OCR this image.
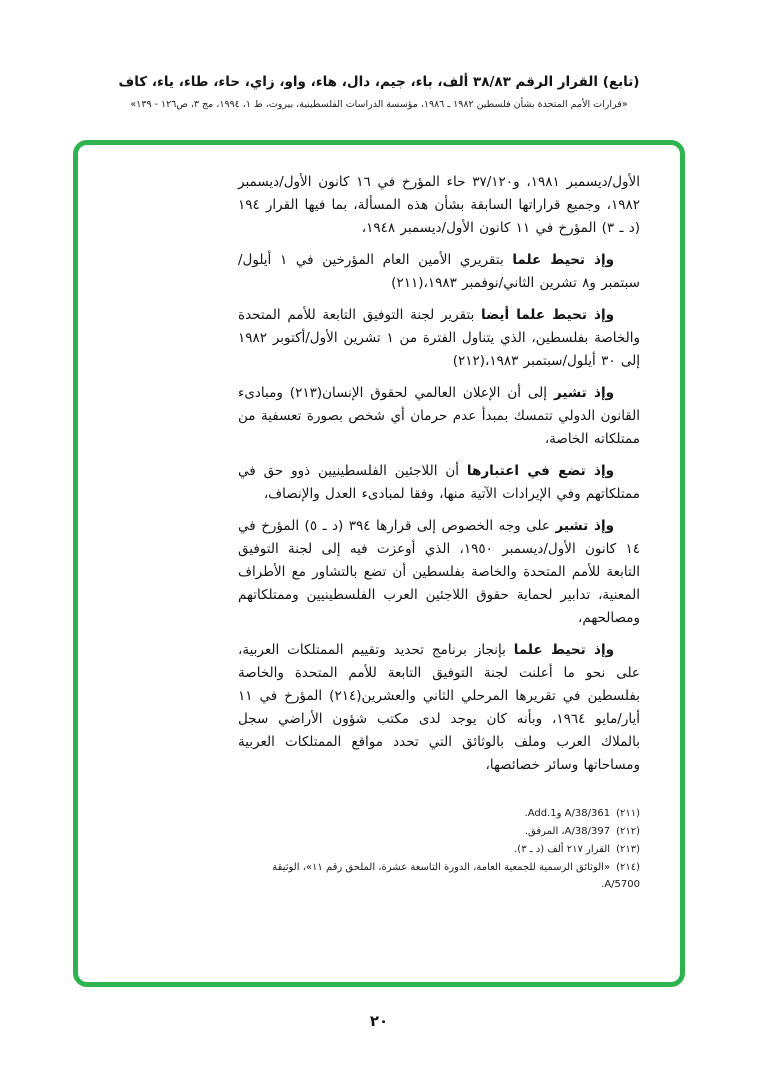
(تابع) القرار الرقم ٣٨/٨٣ ألف، باء، جيم، دال، هاء، واو، زاي، حاء، طاء، ياء، كاف
«قرارات الأمم المتحدة بشأن فلسطين ١٩٨٢ ـ ١٩٨٦، مؤسسة الدراسات الفلسطينية، بيروت، ط ١، ١٩٩٤، مج ٣، ص١٢٦ - ١٣٩»

الأول/ديسمبر ١٩٨١، و٣٧/١٢٠ حاء المؤرخ في ١٦ كانون الأول/ديسمبر ١٩٨٢، وجميع قراراتها السابقة بشأن هذه المسألة، بما فيها القرار ١٩٤ (د ـ ٣) المؤرخ في ١١ كانون الأول/ديسمبر ١٩٤٨،

وإذ تحيط علما بتقريري الأمين العام المؤرخين في ١ أيلول/سبتمبر و٨ تشرين الثاني/نوفمبر ١٩٨٣،(٢١١)

وإذ تحيط علما أيضا بتقرير لجنة التوفيق التابعة للأمم المتحدة والخاصة بفلسطين، الذي يتناول الفترة من ١ تشرين الأول/أكتوبر ١٩٨٢ إلى ٣٠ أيلول/سبتمبر ١٩٨٣،(٢١٢)

وإذ تشير إلى أن الإعلان العالمي لحقوق الإنسان(٢١٣) ومبادىء القانون الدولي تتمسك بمبدأ عدم حرمان أي شخص بصورة تعسفية من ممتلكاته الخاصة،

وإذ تضع في اعتبارها أن اللاجئين الفلسطينيين ذوو حق في ممتلكاتهم وفي الإيرادات الآتية منها، وفقا لمبادىء العدل والإنصاف،

وإذ تشير على وجه الخصوص إلى قرارها ٣٩٤ (د ـ ٥) المؤرخ في ١٤ كانون الأول/ديسمبر ١٩٥٠، الذي أوعزت فيه إلى لجنة التوفيق التابعة للأمم المتحدة والخاصة بفلسطين أن تضع بالتشاور مع الأطراف المعنية، تدابير لحماية حقوق اللاجئين العرب الفلسطينيين وممتلكاتهم ومصالحهم،

وإذ تحيط علما بإنجاز برنامج تحديد وتقييم الممتلكات العربية، على نحو ما أعلنت لجنة التوفيق التابعة للأمم المتحدة والخاصة بفلسطين في تقريرها المرحلي الثاني والعشرين(٢١٤) المؤرخ في ١١ أيار/مايو ١٩٦٤، وبأنه كان يوجد لدى مكتب شؤون الأراضي سجل بالملاك العرب وملف بالوثائق التي تحدد مواقع الممتلكات العربية ومساحاتها وسائر خصائصها،

(٢١١)A/38/361 وAdd.1.
(٢١٢)A/38/397، المرفق.
(٢١٣)القرار ٢١٧ ألف (د ـ ٣).
(٢١٤)«الوثائق الرسمية للجمعية العامة، الدورة التاسعة عشرة، الملحق رقم ١١»، الوثيقة A/5700.
٢٠
